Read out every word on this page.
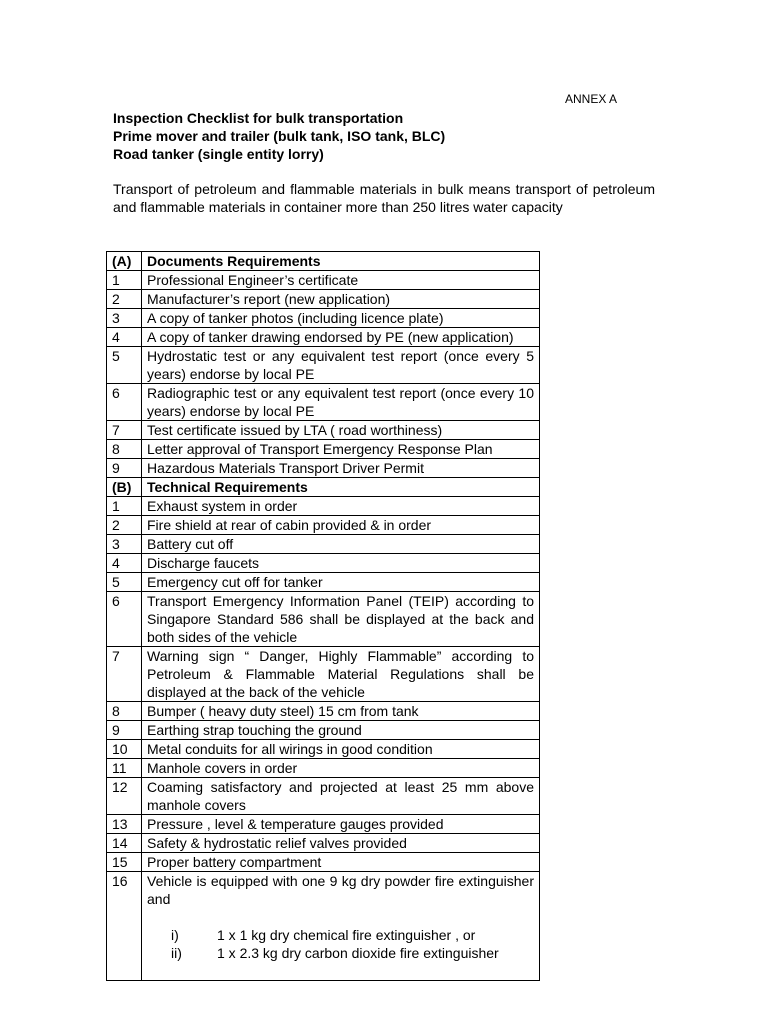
ANNEX A
Inspection Checklist for bulk transportation
Prime mover and trailer (bulk tank, ISO tank, BLC)
Road tanker (single entity lorry)
Transport of petroleum and flammable materials in bulk means transport of petroleum and flammable materials in container more than 250 litres water capacity
(A)	Documents Requirements
1	Professional Engineer’s certificate
2	Manufacturer’s report (new application)
3	A copy of tanker photos (including licence plate)
4	A copy of tanker drawing endorsed by PE (new application)
5	Hydrostatic test or any equivalent test report (once every 5 years) endorse by local PE
6	Radiographic test or any equivalent test report (once every 10 years) endorse by local PE
7	Test certificate issued by LTA ( road worthiness)
8	Letter approval of Transport Emergency Response Plan
9	Hazardous Materials Transport Driver Permit
(B)	Technical Requirements
1	Exhaust system in order
2	Fire shield at rear of cabin provided & in order
3	Battery cut off
4	Discharge faucets
5	Emergency cut off for tanker
6	Transport Emergency Information Panel (TEIP) according to Singapore Standard 586 shall be displayed at the back and both sides of the vehicle
7	Warning sign “ Danger, Highly Flammable” according to Petroleum & Flammable Material Regulations shall be displayed at the back of the vehicle
8	Bumper ( heavy duty steel) 15 cm from tank
9	Earthing strap touching the ground
10	Metal conduits for all wirings in good condition
11	Manhole covers in order
12	Coaming satisfactory and projected at least 25 mm above manhole covers
13	Pressure , level & temperature gauges provided
14	Safety & hydrostatic relief valves provided
15	Proper battery compartment
16	Vehicle is equipped with one 9 kg dry powder fire extinguisher and
i) 1 x 1 kg dry chemical fire extinguisher , or
ii) 1 x 2.3 kg dry carbon dioxide fire extinguisher
